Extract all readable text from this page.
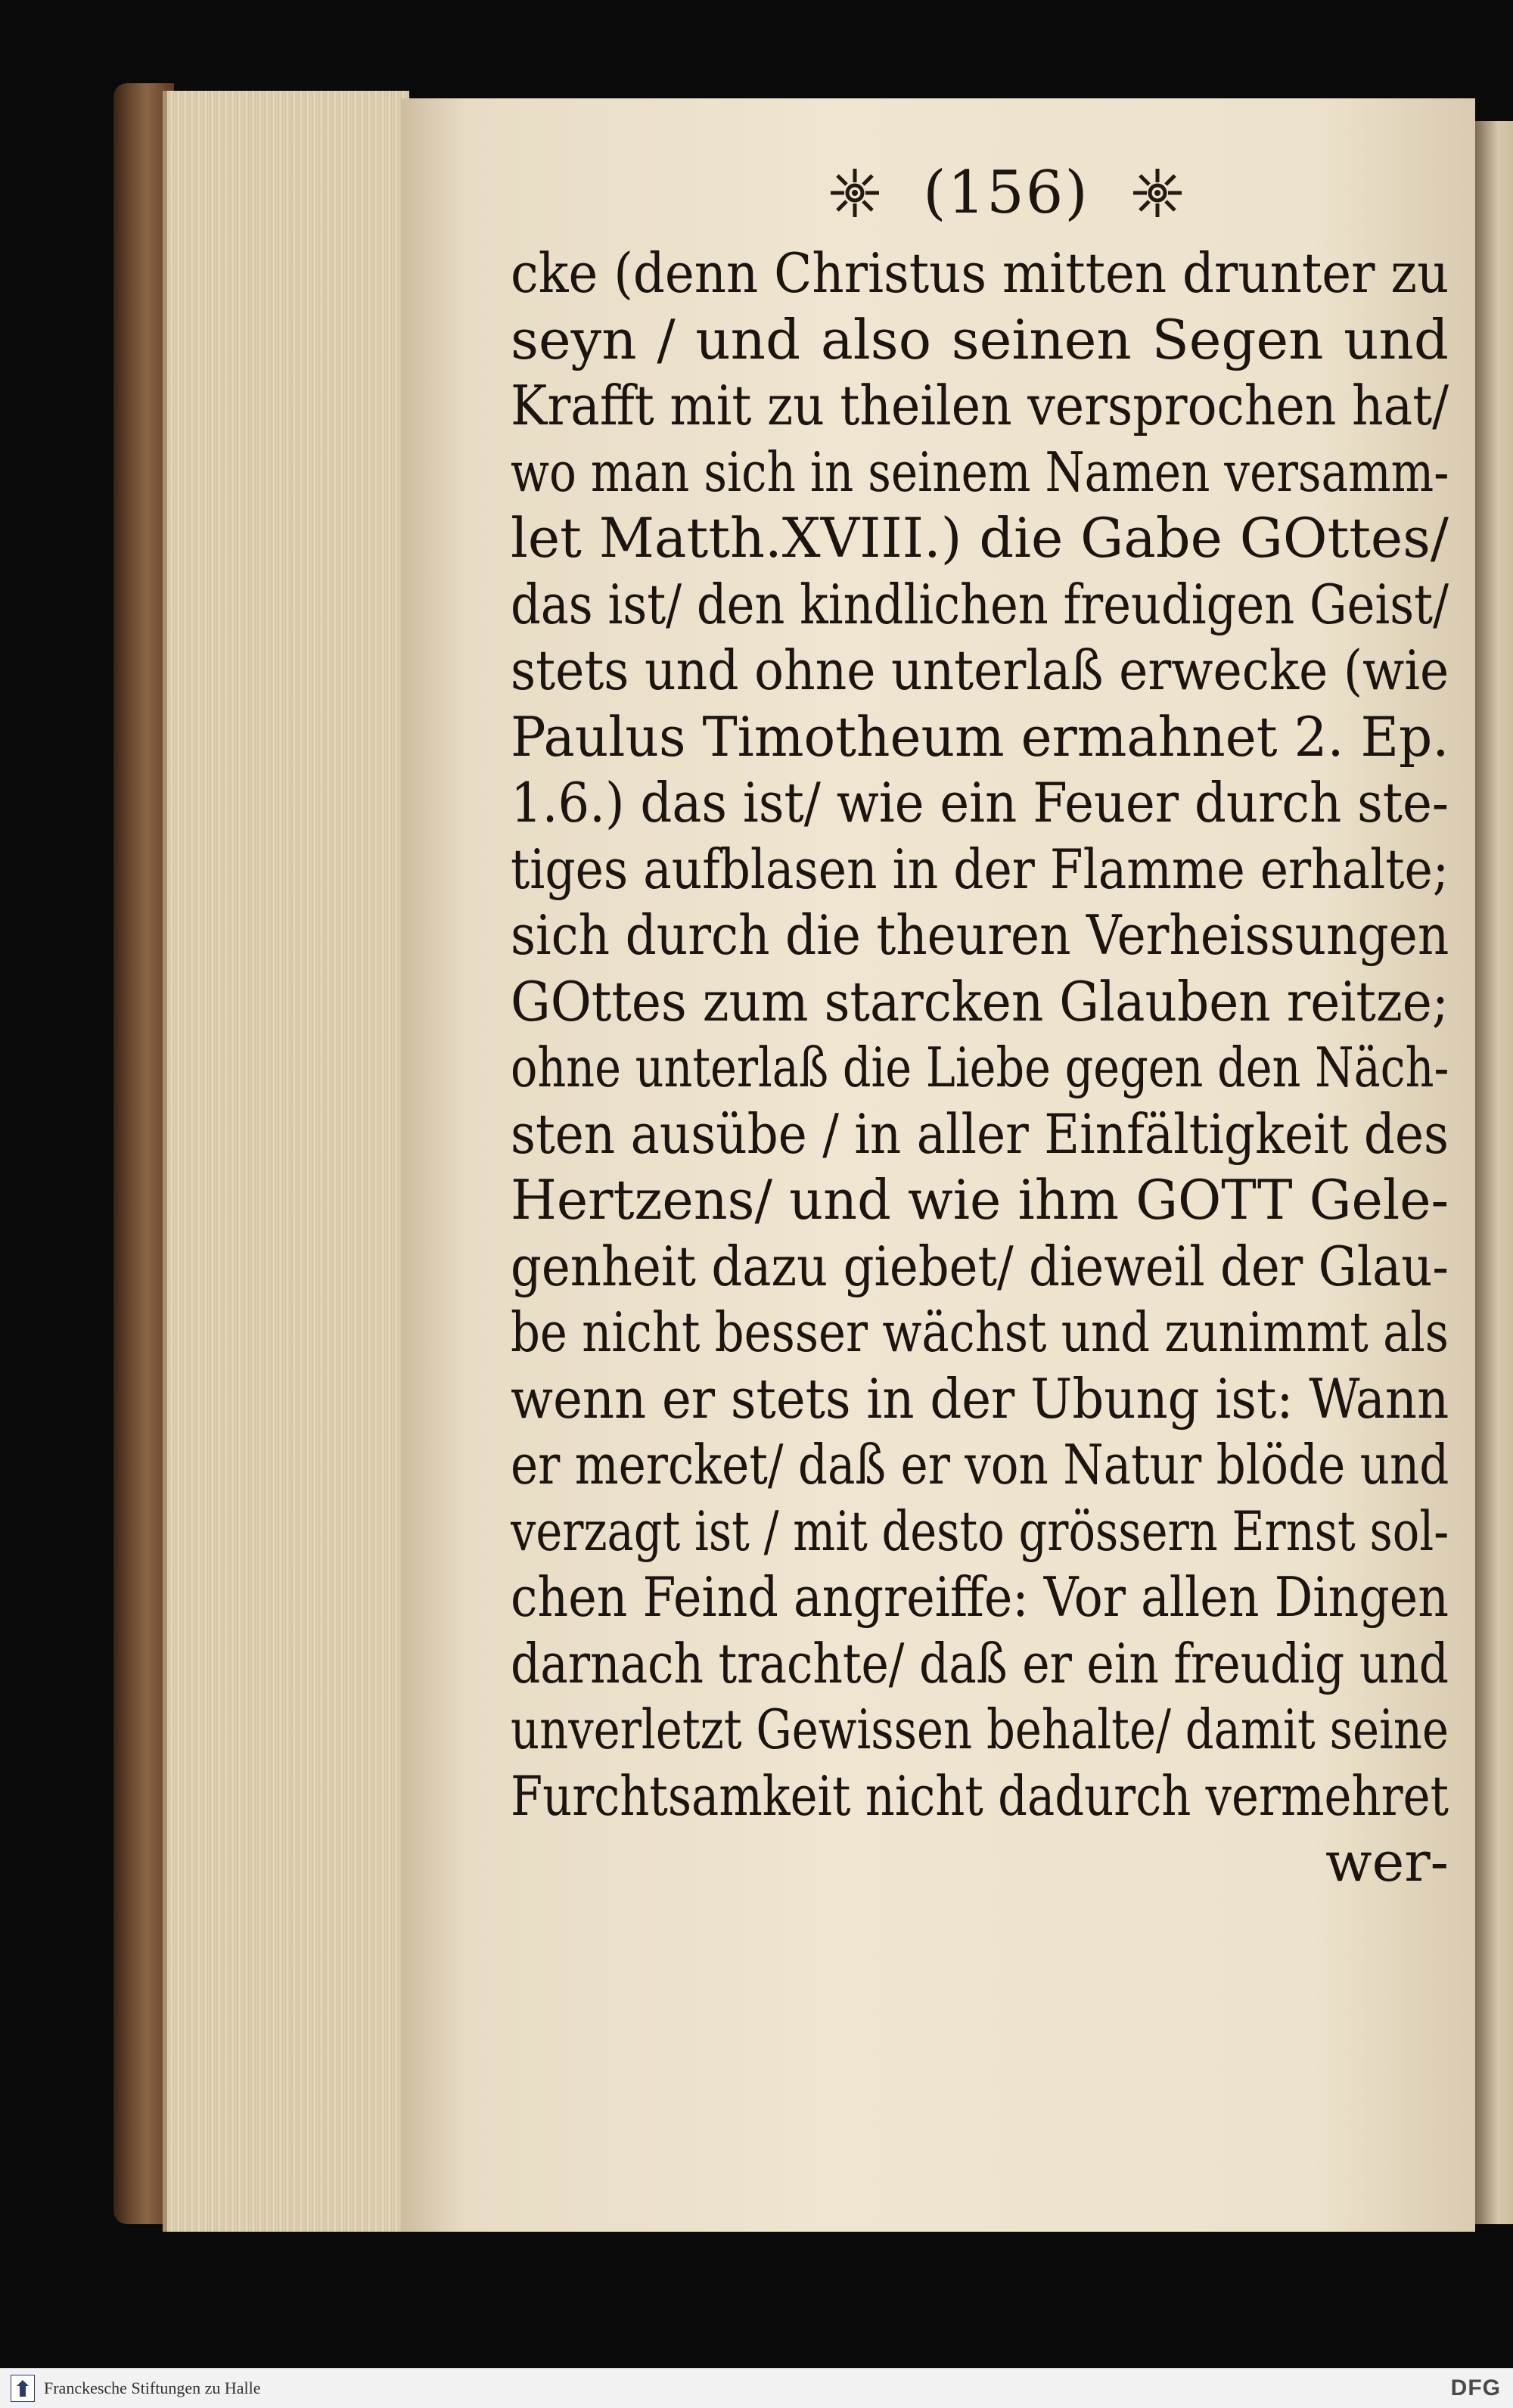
(156)
cke (denn Christus mitten drunter zu
seyn / und also seinen Segen und
Krafft mit zu theilen versprochen hat/
wo man sich in seinem Namen versamm-
let Matth.XVIII.) die Gabe GOttes/
das ist/ den kindlichen freudigen Geist/
stets und ohne unterlaß erwecke (wie
Paulus Timotheum ermahnet 2. Ep.
1.6.) das ist/ wie ein Feuer durch ste-
tiges aufblasen in der Flamme erhalte;
sich durch die theuren Verheissungen
GOttes zum starcken Glauben reitze;
ohne unterlaß die Liebe gegen den Näch-
sten ausübe / in aller Einfältigkeit des
Hertzens/ und wie ihm GOTT Gele-
genheit dazu giebet/ dieweil der Glau-
be nicht besser wächst und zunimmt als
wenn er stets in der Ubung ist: Wann
er mercket/ daß er von Natur blöde und
verzagt ist / mit desto grössern Ernst sol-
chen Feind angreiffe: Vor allen Dingen
darnach trachte/ daß er ein freudig und
unverletzt Gewissen behalte/ damit seine
Furchtsamkeit nicht dadurch vermehret
wer-
Franckesche Stiftungen zu Halle	DFG
